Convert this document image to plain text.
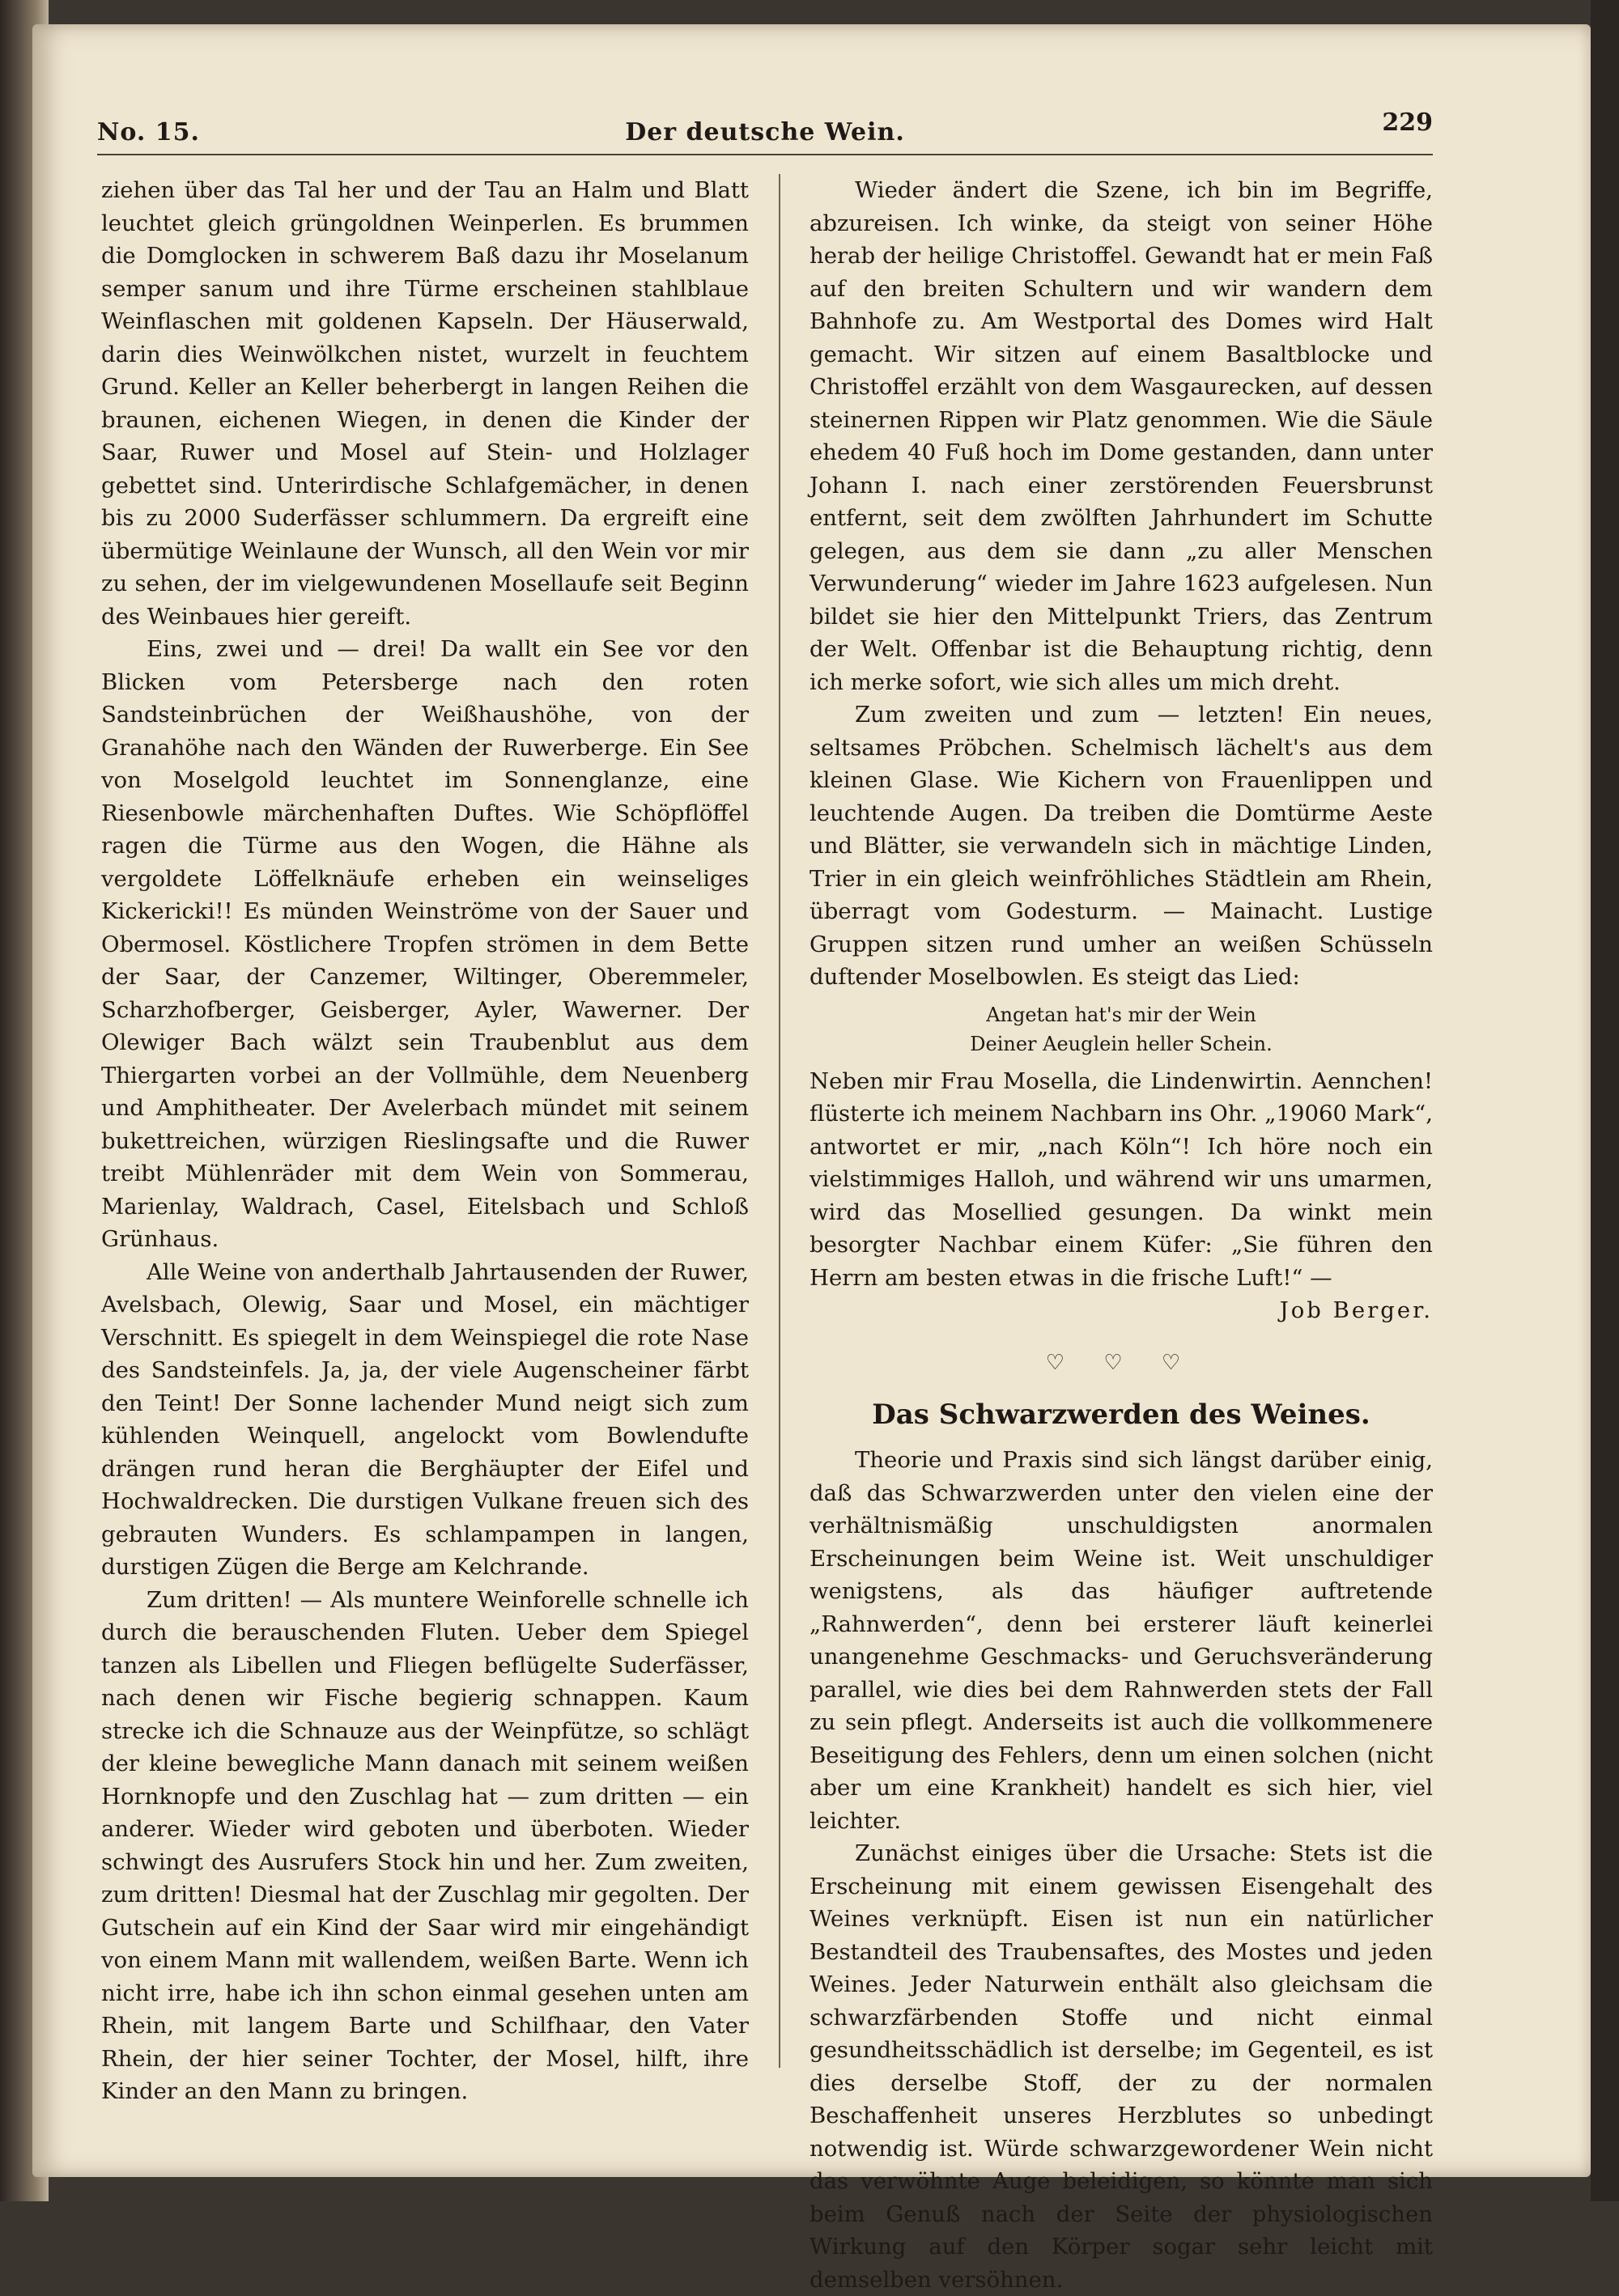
No. 15.	Der deutsche Wein.	229

ziehen über das Tal her und der Tau an Halm und Blatt leuchtet gleich grüngoldnen Weinperlen. Es brummen die Domglocken in schwerem Baß dazu ihr Moselanum semper sanum und ihre Türme erscheinen stahlblaue Weinflaschen mit goldenen Kapseln. Der Häuserwald, darin dies Weinwölkchen nistet, wurzelt in feuchtem Grund. Keller an Keller beherbergt in langen Reihen die braunen, eichenen Wiegen, in denen die Kinder der Saar, Ruwer und Mosel auf Stein- und Holzlager gebettet sind. Unterirdische Schlafgemächer, in denen bis zu 2000 Suderfässer schlummern. Da ergreift eine übermütige Weinlaune der Wunsch, all den Wein vor mir zu sehen, der im vielgewundenen Mosellaufe seit Beginn des Weinbaues hier gereift.

Eins, zwei und — drei! Da wallt ein See vor den Blicken vom Petersberge nach den roten Sandsteinbrüchen der Weißhaushöhe, von der Granahöhe nach den Wänden der Ruwerberge. Ein See von Moselgold leuchtet im Sonnenglanze, eine Riesenbowle märchenhaften Duftes. Wie Schöpflöffel ragen die Türme aus den Wogen, die Hähne als vergoldete Löffelknäufe erheben ein weinseliges Kickericki!! Es münden Weinströme von der Sauer und Obermosel. Köstlichere Tropfen strömen in dem Bette der Saar, der Canzemer, Wiltinger, Oberemmeler, Scharzhofberger, Geisberger, Ayler, Wawerner. Der Olewiger Bach wälzt sein Traubenblut aus dem Thiergarten vorbei an der Vollmühle, dem Neuenberg und Amphitheater. Der Avelerbach mündet mit seinem bukettreichen, würzigen Rieslingsafte und die Ruwer treibt Mühlenräder mit dem Wein von Sommerau, Marienlay, Waldrach, Casel, Eitelsbach und Schloß Grünhaus.

Alle Weine von anderthalb Jahrtausenden der Ruwer, Avelsbach, Olewig, Saar und Mosel, ein mächtiger Verschnitt. Es spiegelt in dem Weinspiegel die rote Nase des Sandsteinfels. Ja, ja, der viele Augenscheiner färbt den Teint! Der Sonne lachender Mund neigt sich zum kühlenden Weinquell, angelockt vom Bowlendufte drängen rund heran die Berghäupter der Eifel und Hochwaldrecken. Die durstigen Vulkane freuen sich des gebrauten Wunders. Es schlampampen in langen, durstigen Zügen die Berge am Kelchrande.

Zum dritten! — Als muntere Weinforelle schnelle ich durch die berauschenden Fluten. Ueber dem Spiegel tanzen als Libellen und Fliegen beflügelte Suderfässer, nach denen wir Fische begierig schnappen. Kaum strecke ich die Schnauze aus der Weinpfütze, so schlägt der kleine bewegliche Mann danach mit seinem weißen Hornknopfe und den Zuschlag hat — zum dritten — ein anderer. Wieder wird geboten und überboten. Wieder schwingt des Ausrufers Stock hin und her. Zum zweiten, zum dritten! Diesmal hat der Zuschlag mir gegolten. Der Gutschein auf ein Kind der Saar wird mir eingehändigt von einem Mann mit wallendem, weißen Barte. Wenn ich nicht irre, habe ich ihn schon einmal gesehen unten am Rhein, mit langem Barte und Schilfhaar, den Vater Rhein, der hier seiner Tochter, der Mosel, hilft, ihre Kinder an den Mann zu bringen.

Wieder ändert die Szene, ich bin im Begriffe, abzureisen. Ich winke, da steigt von seiner Höhe herab der heilige Christoffel. Gewandt hat er mein Faß auf den breiten Schultern und wir wandern dem Bahnhofe zu. Am Westportal des Domes wird Halt gemacht. Wir sitzen auf einem Basaltblocke und Christoffel erzählt von dem Wasgaurecken, auf dessen steinernen Rippen wir Platz genommen. Wie die Säule ehedem 40 Fuß hoch im Dome gestanden, dann unter Johann I. nach einer zerstörenden Feuersbrunst entfernt, seit dem zwölften Jahrhundert im Schutte gelegen, aus dem sie dann „zu aller Menschen Verwunderung“ wieder im Jahre 1623 aufgelesen. Nun bildet sie hier den Mittelpunkt Triers, das Zentrum der Welt. Offenbar ist die Behauptung richtig, denn ich merke sofort, wie sich alles um mich dreht.

Zum zweiten und zum — letzten! Ein neues, seltsames Pröbchen. Schelmisch lächelt's aus dem kleinen Glase. Wie Kichern von Frauenlippen und leuchtende Augen. Da treiben die Domtürme Aeste und Blätter, sie verwandeln sich in mächtige Linden, Trier in ein gleich weinfröhliches Städtlein am Rhein, überragt vom Godesturm. — Mainacht. Lustige Gruppen sitzen rund umher an weißen Schüsseln duftender Moselbowlen. Es steigt das Lied:

Angetan hat's mir der Wein
Deiner Aeuglein heller Schein.

Neben mir Frau Mosella, die Lindenwirtin. Aennchen! flüsterte ich meinem Nachbarn ins Ohr. „19060 Mark“, antwortet er mir, „nach Köln“! Ich höre noch ein vielstimmiges Halloh, und während wir uns umarmen, wird das Mosellied gesungen. Da winkt mein besorgter Nachbar einem Küfer: „Sie führen den Herrn am besten etwas in die frische Luft!“ —
Job Berger.

♡ ♡ ♡
Das Schwarzwerden des Weines.

Theorie und Praxis sind sich längst darüber einig, daß das Schwarzwerden unter den vielen eine der verhältnismäßig unschuldigsten anormalen Erscheinungen beim Weine ist. Weit unschuldiger wenigstens, als das häufiger auftretende „Rahnwerden“, denn bei ersterer läuft keinerlei unangenehme Geschmacks- und Geruchsveränderung parallel, wie dies bei dem Rahnwerden stets der Fall zu sein pflegt. Anderseits ist auch die vollkommenere Beseitigung des Fehlers, denn um einen solchen (nicht aber um eine Krankheit) handelt es sich hier, viel leichter.

Zunächst einiges über die Ursache: Stets ist die Erscheinung mit einem gewissen Eisengehalt des Weines verknüpft. Eisen ist nun ein natürlicher Bestandteil des Traubensaftes, des Mostes und jeden Weines. Jeder Naturwein enthält also gleichsam die schwarzfärbenden Stoffe und nicht einmal gesundheitsschädlich ist derselbe; im Gegenteil, es ist dies derselbe Stoff, der zu der normalen Beschaffenheit unseres Herzblutes so unbedingt notwendig ist. Würde schwarzgewordener Wein nicht das verwöhnte Auge beleidigen, so könnte man sich beim Genuß nach der Seite der physiologischen Wirkung auf den Körper sogar sehr leicht mit demselben versöhnen.
